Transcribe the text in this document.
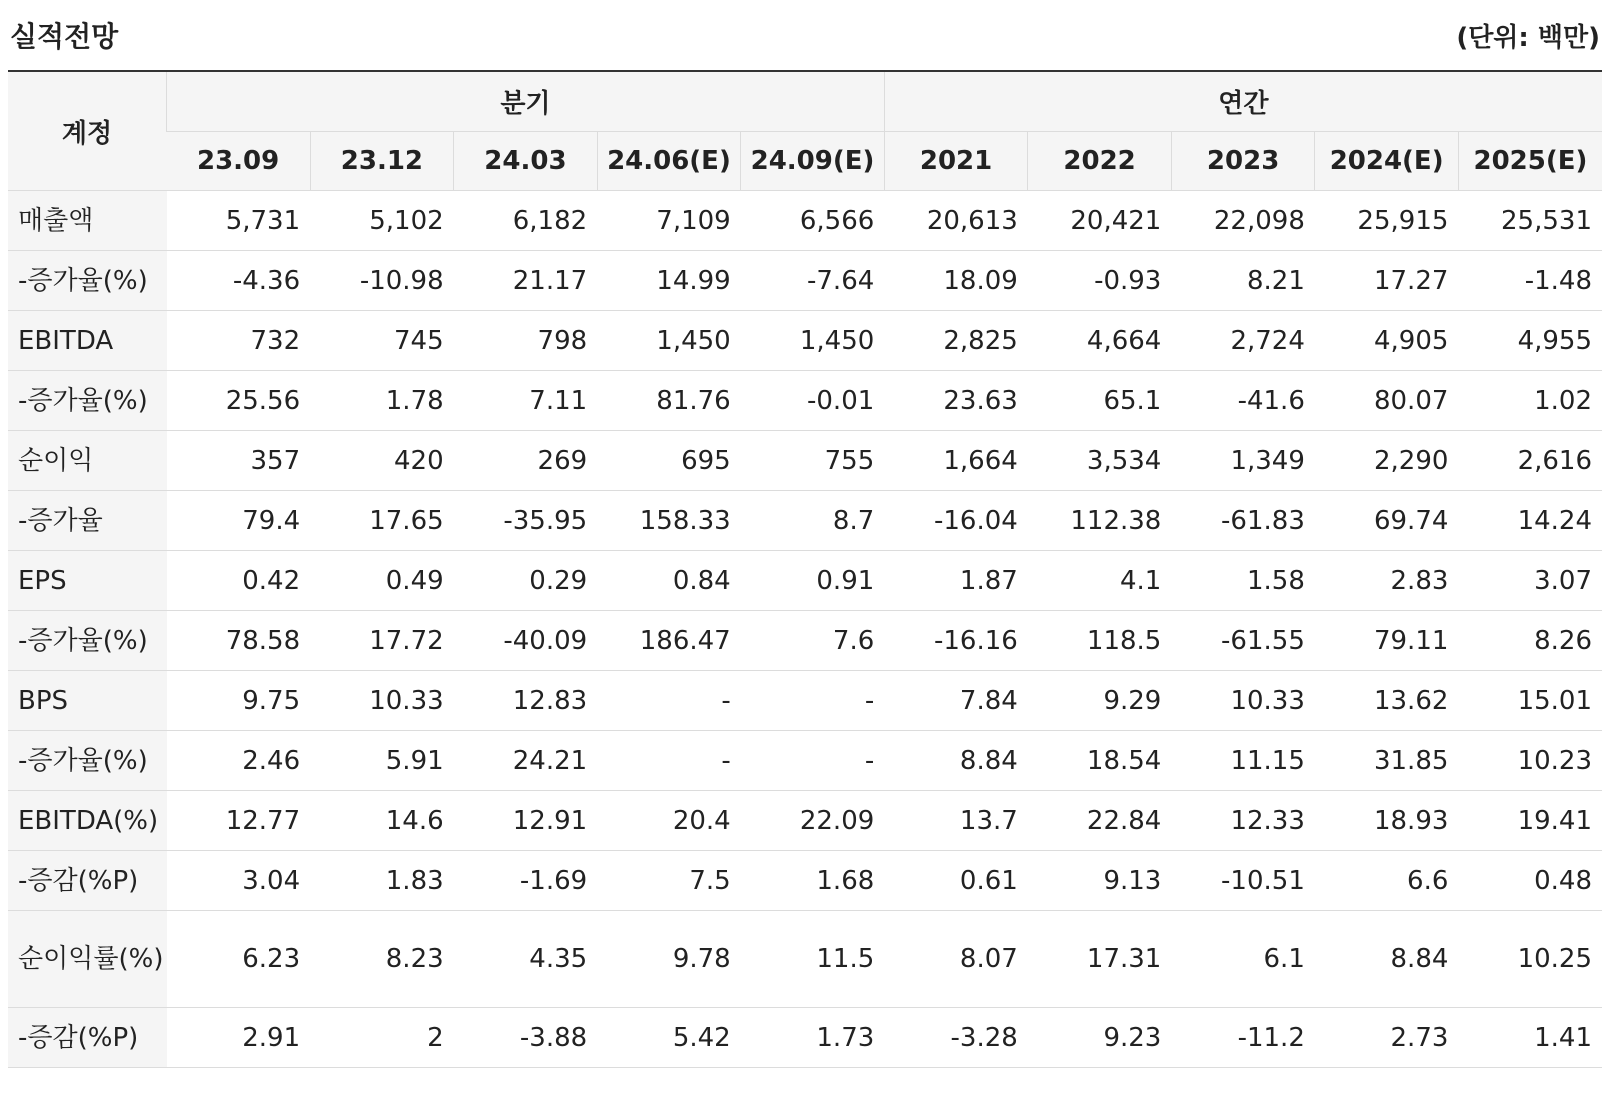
실적전망	(단위: 백만)
계정	분기					연간				
	23.09	23.12	24.03	24.06(E)	24.09(E)	2021	2022	2023	2024(E)	2025(E)
매출액	5,731	5,102	6,182	7,109	6,566	20,613	20,421	22,098	25,915	25,531
-증가율(%)	-4.36	-10.98	21.17	14.99	-7.64	18.09	-0.93	8.21	17.27	-1.48
EBITDA	732	745	798	1,450	1,450	2,825	4,664	2,724	4,905	4,955
-증가율(%)	25.56	1.78	7.11	81.76	-0.01	23.63	65.1	-41.6	80.07	1.02
순이익	357	420	269	695	755	1,664	3,534	1,349	2,290	2,616
-증가율	79.4	17.65	-35.95	158.33	8.7	-16.04	112.38	-61.83	69.74	14.24
EPS	0.42	0.49	0.29	0.84	0.91	1.87	4.1	1.58	2.83	3.07
-증가율(%)	78.58	17.72	-40.09	186.47	7.6	-16.16	118.5	-61.55	79.11	8.26
BPS	9.75	10.33	12.83	-	-	7.84	9.29	10.33	13.62	15.01
-증가율(%)	2.46	5.91	24.21	-	-	8.84	18.54	11.15	31.85	10.23
EBITDA(%)	12.77	14.6	12.91	20.4	22.09	13.7	22.84	12.33	18.93	19.41
-증감(%P)	3.04	1.83	-1.69	7.5	1.68	0.61	9.13	-10.51	6.6	0.48
순이익률(%)	6.23	8.23	4.35	9.78	11.5	8.07	17.31	6.1	8.84	10.25
-증감(%P)	2.91	2	-3.88	5.42	1.73	-3.28	9.23	-11.2	2.73	1.41
